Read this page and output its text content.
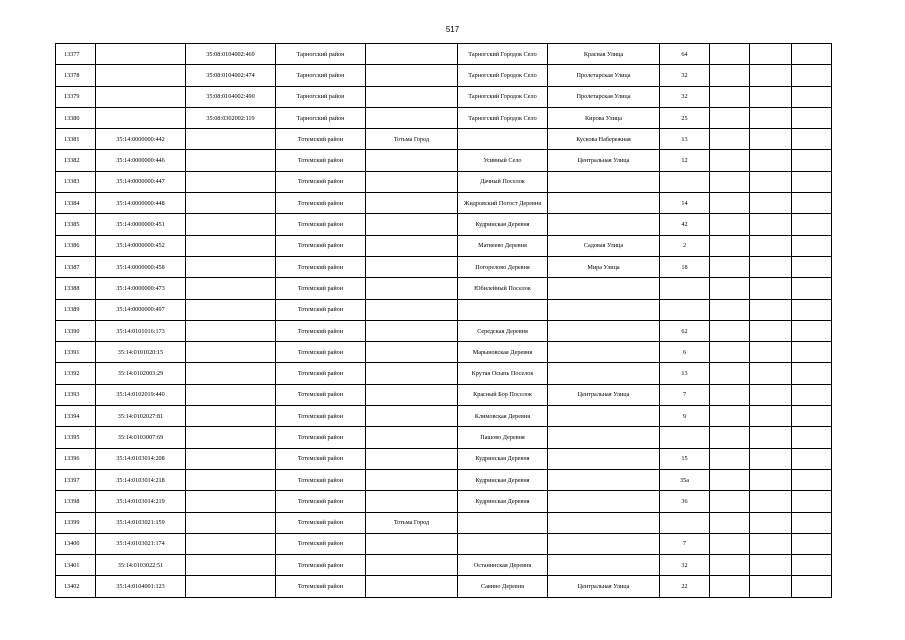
517
13377		35:08:0104002:469	Тарногский район		Тарногский Городок Село	Красная Улица	64			
13378		35:08:0104002:474	Тарногский район		Тарногский Городок Село	Пролетарская Улица	32			
13379		35:08:0104002:490	Тарногский район		Тарногский Городок Село	Пролетарская Улица	32			
13380		35:08:0302002:119	Тарногский район		Тарногский Городок Село	Кирова Улица	25			
13381	35:14:0000000:442		Тотемский район	Тотьма Город		Кускова Набережная	13			
13382	35:14:0000000:446		Тотемский район		Усивный Село	Центральная Улица	12			
13383	35:14:0000000:447		Тотемский район		Дачный Поселок					
13384	35:14:0000000:448		Тотемский район		Жидровский Погост Деревня		14			
13385	35:14:0000000:451		Тотемский район		Кудринская Деревня		42			
13386	35:14:0000000:452		Тотемский район		Матвеево Деревня	Садовая Улица	2			
13387	35:14:0000000:458		Тотемский район		Погорелово Деревня	Мира Улица	18			
13388	35:14:0000000:473		Тотемский район		Юбилейный Поселок					
13389	35:14:0000000:497		Тотемский район							
13390	35:14:0101016:173		Тотемский район		Середская Деревня		62			
13391	35:14:0101020:15		Тотемский район		Марыновская Деревня		6			
13392	35:14:0102003:29		Тотемский район		Крутая Осыпь Поселок		13			
13393	35:14:0102019:440		Тотемский район		Красный Бор Поселок	Центральная Улица	7			
13394	35:14:0102027:81		Тотемский район		Климовская Деревня		9			
13395	35:14:0103007:69		Тотемский район		Пашово Деревня					
13396	35:14:0103014:208		Тотемский район		Кудринская Деревня		15			
13397	35:14:0103014:218		Тотемский район		Кудринская Деревня		35а			
13398	35:14:0103014:219		Тотемский район		Кудринская Деревня		36			
13399	35:14:0103021:159		Тотемский район	Тотьма Город						
13400	35:14:0103021:174		Тотемский район				7			
13401	35:14:0103022:51		Тотемский район		Останинская Деревня		32			
13402	35:14:0104001:123		Тотемский район		Савино Деревня	Центральная Улица	22			
